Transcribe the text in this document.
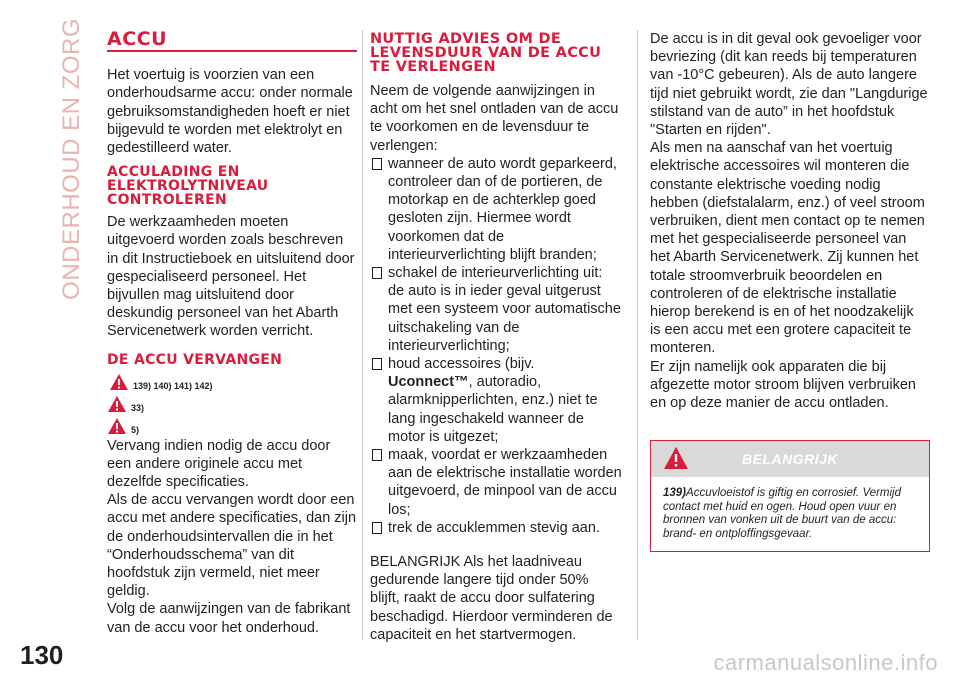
ONDERHOUD EN ZORG ACCU

Het voertuig is voorzien van een onderhoudsarme accu: onder normale gebruiksomstandigheden hoeft er niet bijgevuld te worden met elektrolyt en gedestilleerd water.

ACCULADING EN ELEKTROLYTNIVEAU CONTROLEREN

De werkzaamheden moeten uitgevoerd worden zoals beschreven in dit Instructieboek en uitsluitend door gespecialiseerd personeel. Het bijvullen mag uitsluitend door deskundig personeel van het Abarth Servicenetwerk worden verricht.

DE ACCU VERVANGEN
139) 140) 141) 142)
33)
5)

Vervang indien nodig de accu door een andere originele accu met dezelfde specificaties.

Als de accu vervangen wordt door een accu met andere specificaties, dan zijn de onderhoudsintervallen die in het “Onderhoudsschema” van dit hoofdstuk zijn vermeld, niet meer geldig.

Volg de aanwijzingen van de fabrikant van de accu voor het onderhoud.

NUTTIG ADVIES OM DE LEVENSDUUR VAN DE ACCU TE VERLENGEN

Neem de volgende aanwijzingen in acht om het snel ontladen van de accu te voorkomen en de levensduur te verlengen:

wanneer de auto wordt geparkeerd, controleer dan of de portieren, de motorkap en de achterklep goed gesloten zijn. Hiermee wordt voorkomen dat de interieurverlichting blijft branden;
schakel de interieurverlichting uit: de auto is in ieder geval uitgerust met een systeem voor automatische uitschakeling van de interieurverlichting;
houd accessoires (bijv. Uconnect™, autoradio, alarmknipperlichten, enz.) niet te lang ingeschakeld wanneer de motor is uitgezet;
maak, voordat er werkzaamheden aan de elektrische installatie worden uitgevoerd, de minpool van de accu los;
trek de accuklemmen stevig aan.

BELANGRIJK Als het laadniveau gedurende langere tijd onder 50% blijft, raakt de accu door sulfatering beschadigd. Hierdoor verminderen de capaciteit en het startvermogen.

De accu is in dit geval ook gevoeliger voor bevriezing (dit kan reeds bij temperaturen van -10°C gebeuren). Als de auto langere tijd niet gebruikt wordt, zie dan "Langdurige stilstand van de auto” in het hoofdstuk "Starten en rijden".

Als men na aanschaf van het voertuig elektrische accessoires wil monteren die constante elektrische voeding nodig hebben (diefstalalarm, enz.) of veel stroom verbruiken, dient men contact op te nemen met het gespecialiseerde personeel van het Abarth Servicenetwerk. Zij kunnen het totale stroomverbruik beoordelen en controleren of de elektrische installatie hierop berekend is en of het noodzakelijk is een accu met een grotere capaciteit te monteren.

Er zijn namelijk ook apparaten die bij afgezette motor stroom blijven verbruiken en op deze manier de accu ontladen.

BELANGRIJK
139)Accuvloeistof is giftig en corrosief. Vermijd contact met huid en ogen. Houd open vuur en bronnen van vonken uit de buurt van de accu: brand- en ontploffingsgevaar.
130	carmanualsonline.info
